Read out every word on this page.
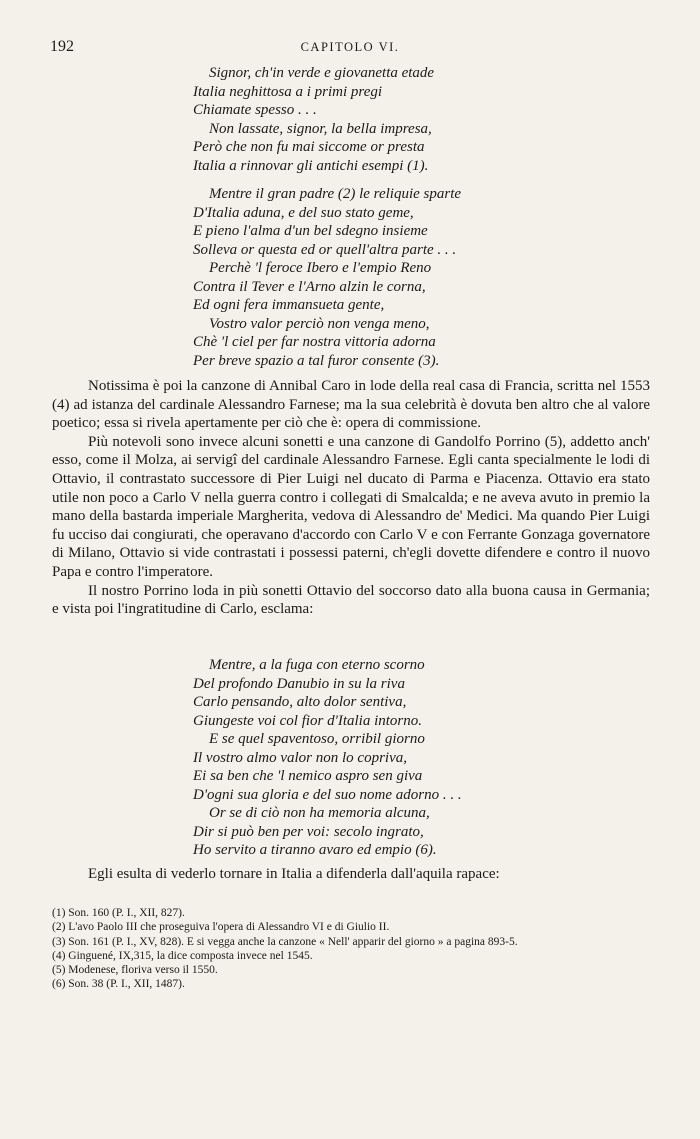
192	CAPITOLO VI.
Signor, ch'in verde e giovanetta etade
Italia neghittosa a i primi pregi
Chiamate spesso . . .
Non lassate, signor, la bella impresa,
Però che non fu mai siccome or presta
Italia a rinnovar gli antichi esempi (1).
Mentre il gran padre (2) le reliquie sparte
D'Italia aduna, e del suo stato geme,
E pieno l'alma d'un bel sdegno insieme
Solleva or questa ed or quell'altra parte . . .
Perchè 'l feroce Ibero e l'empio Reno
Contra il Tever e l'Arno alzin le corna,
Ed ogni fera immansueta gente,
Vostro valor perciò non venga meno,
Chè 'l ciel per far nostra vittoria adorna
Per breve spazio a tal furor consente (3).

Notissima è poi la canzone di Annibal Caro in lode della real casa di Francia, scritta nel 1553 (4) ad istanza del cardinale Alessandro Farnese; ma la sua celebrità è dovuta ben altro che al valore poetico; essa si rivela apertamente per ciò che è: opera di commissione.

Più notevoli sono invece alcuni sonetti e una canzone di Gandolfo Porrino (5), addetto anch' esso, come il Molza, ai servigî del cardinale Alessandro Farnese. Egli canta specialmente le lodi di Ottavio, il contrastato successore di Pier Luigi nel ducato di Parma e Piacenza. Ottavio era stato utile non poco a Carlo V nella guerra contro i collegati di Smalcalda; e ne aveva avuto in premio la mano della bastarda imperiale Margherita, vedova di Alessandro de' Medici. Ma quando Pier Luigi fu ucciso dai congiurati, che operavano d'accordo con Carlo V e con Ferrante Gonzaga governatore di Milano, Ottavio si vide contrastati i possessi paterni, ch'egli dovette difendere e contro il nuovo Papa e contro l'imperatore.

Il nostro Porrino loda in più sonetti Ottavio del soccorso dato alla buona causa in Germania; e vista poi l'ingratitudine di Carlo, esclama:

Mentre, a la fuga con eterno scorno
Del profondo Danubio in su la riva
Carlo pensando, alto dolor sentiva,
Giungeste voi col fior d'Italia intorno.
E se quel spaventoso, orribil giorno
Il vostro almo valor non lo copriva,
Ei sa ben che 'l nemico aspro sen giva
D'ogni sua gloria e del suo nome adorno . . .
Or se di ciò non ha memoria alcuna,
Dir si può ben per voi: secolo ingrato,
Ho servito a tiranno avaro ed empio (6).

Egli esulta di vederlo tornare in Italia a difenderla dall'aquila rapace:

(1) Son. 160 (P. I., XII, 827).

(2) L'avo Paolo III che proseguiva l'opera di Alessandro VI e di Giulio II.

(3) Son. 161 (P. I., XV, 828). E si vegga anche la canzone « Nell' apparir del giorno » a pagina 893-5.

(4) Ginguené, IX,315, la dice composta invece nel 1545.

(5) Modenese, floriva verso il 1550.

(6) Son. 38 (P. I., XII, 1487).
